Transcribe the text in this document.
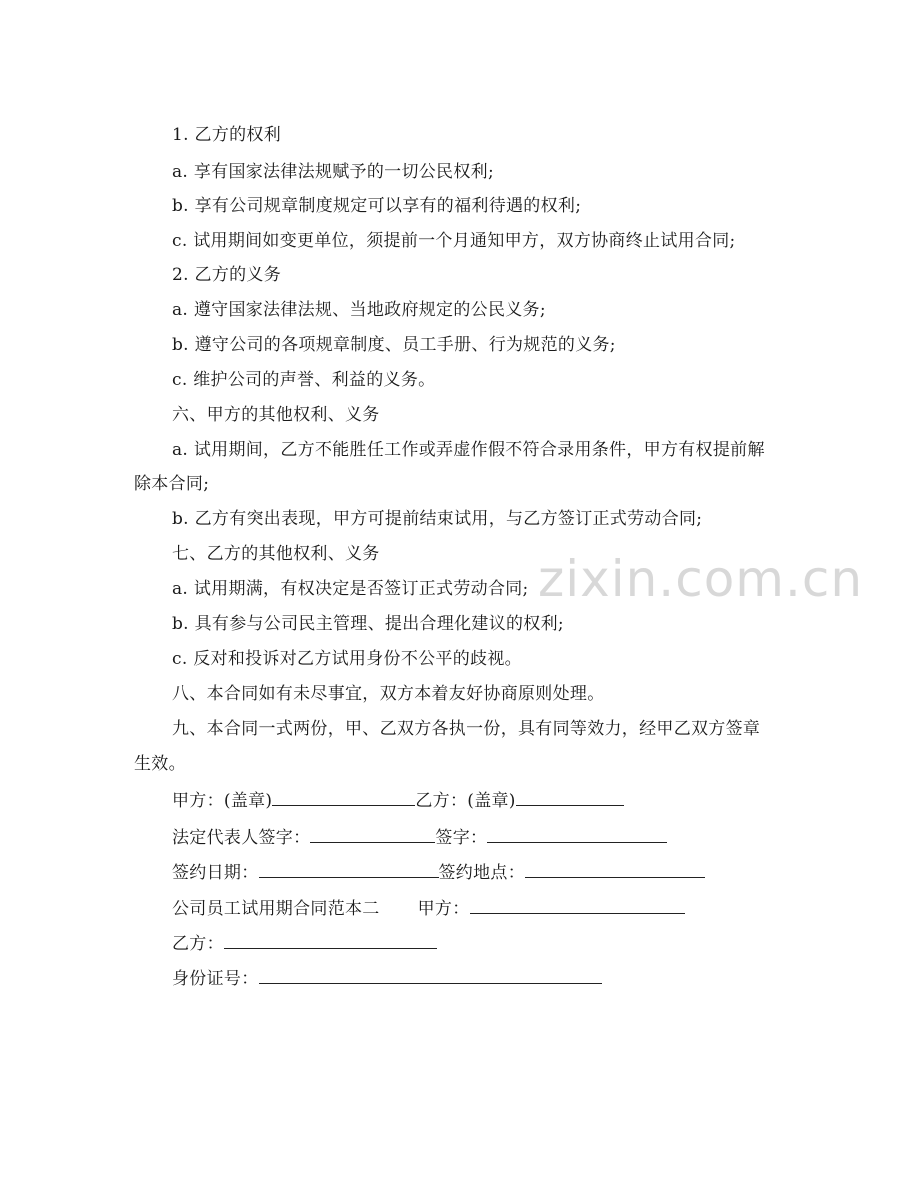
1. 乙方的权利
a. 享有国家法律法规赋予的一切公民权利;
b. 享有公司规章制度规定可以享有的福利待遇的权利;
c. 试用期间如变更单位，须提前一个月通知甲方，双方协商终止试用合同;
2. 乙方的义务
a. 遵守国家法律法规、当地政府规定的公民义务;
b. 遵守公司的各项规章制度、员工手册、行为规范的义务;
c. 维护公司的声誉、利益的义务。
六、甲方的其他权利、义务
a. 试用期间，乙方不能胜任工作或弄虚作假不符合录用条件，甲方有权提前解
除本合同;
b. 乙方有突出表现，甲方可提前结束试用，与乙方签订正式劳动合同;
七、乙方的其他权利、义务
a. 试用期满，有权决定是否签订正式劳动合同;
b. 具有参与公司民主管理、提出合理化建议的权利;
c. 反对和投诉对乙方试用身份不公平的歧视。
八、本合同如有未尽事宜，双方本着友好协商原则处理。
九、本合同一式两份，甲、乙双方各执一份，具有同等效力，经甲乙双方签章
生效。
甲方：(盖章)	乙方：(盖章)
法定代表人签字：	签字：
签约日期：	签约地点：
公司员工试用期合同范本二 甲方：
乙方：
身份证号：
zixin.com.cn
